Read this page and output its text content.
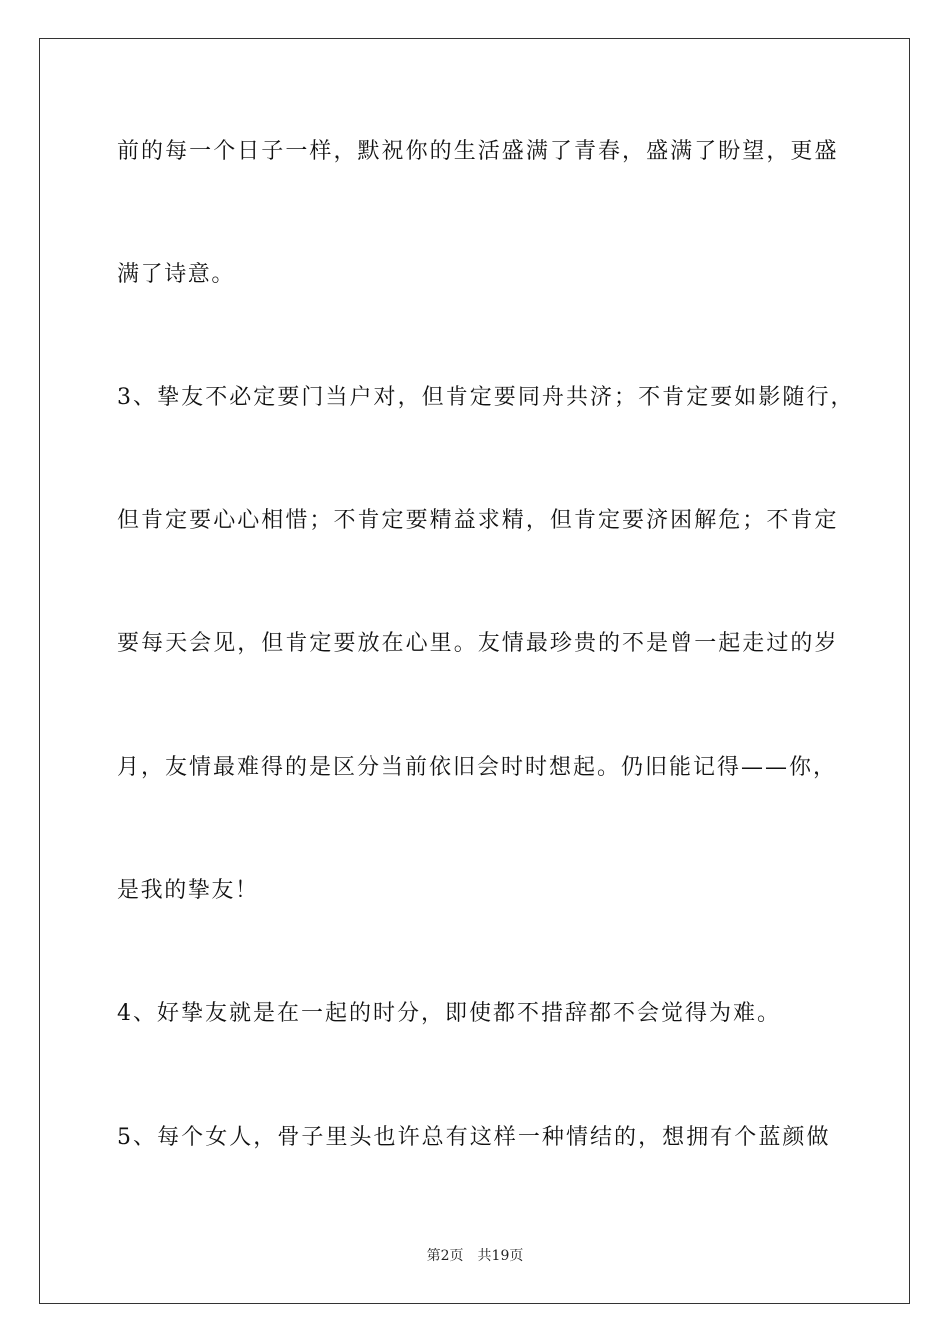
前的每一个日子一样，默祝你的生活盛满了青春，盛满了盼望，更盛

满了诗意。

3、挚友不必定要门当户对，但肯定要同舟共济；不肯定要如影随行，

但肯定要心心相惜；不肯定要精益求精，但肯定要济困解危；不肯定

要每天会见，但肯定要放在心里。友情最珍贵的不是曾一起走过的岁

月，友情最难得的是区分当前依旧会时时想起。仍旧能记得——你，

是我的挚友！

4、好挚友就是在一起的时分，即使都不措辞都不会觉得为难。

5、每个女人，骨子里头也许总有这样一种情结的，想拥有个蓝颜做

第2页 共19页
